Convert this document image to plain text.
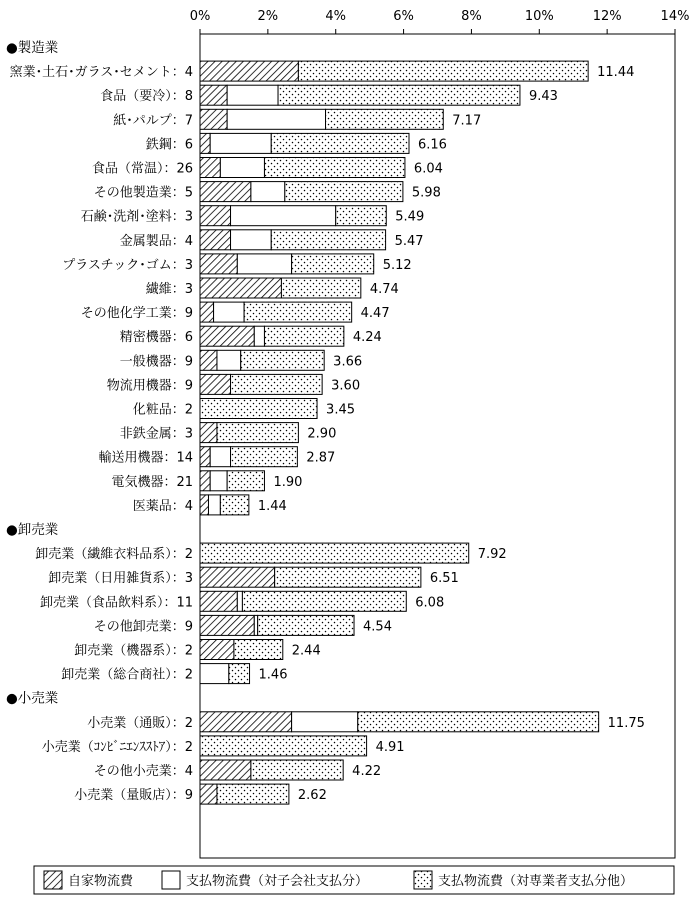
0%	2%	4%	6%	8%	10%	12%	14%
●製造業
窯業･土石･ガラス･セメント：4	11.44
食品（要冷）：8	9.43
紙･パルプ：7	7.17
鉄鋼：6	6.16
食品（常温）：26	6.04
その他製造業：5	5.98
石鹸･洗剤･塗料：3	5.49
金属製品：4	5.47
プラスチック･ゴム：3	5.12
繊維：3	4.74
その他化学工業：9	4.47
精密機器：6	4.24
一般機器：9	3.66
物流用機器：9	3.60
化粧品：2	3.45
非鉄金属：3	2.90
輸送用機器：14	2.87
電気機器：21	1.90
医薬品：4	1.44
●卸売業
卸売業（繊維衣料品系）：2	7.92
卸売業（日用雑貨系）：3	6.51
卸売業（食品飲料系）：11	6.08
その他卸売業：9	4.54
卸売業（機器系）：2	2.44
卸売業（総合商社）：2	1.46
●小売業
小売業（通販）：2	11.75
小売業（ｺﾝﾋﾞﾆｴﾝｽｽﾄｱ）：2	4.91
その他小売業：4	4.22
小売業（量販店）：9	2.62
自家物流費	支払物流費（対子会社支払分）	支払物流費（対専業者支払分他）
